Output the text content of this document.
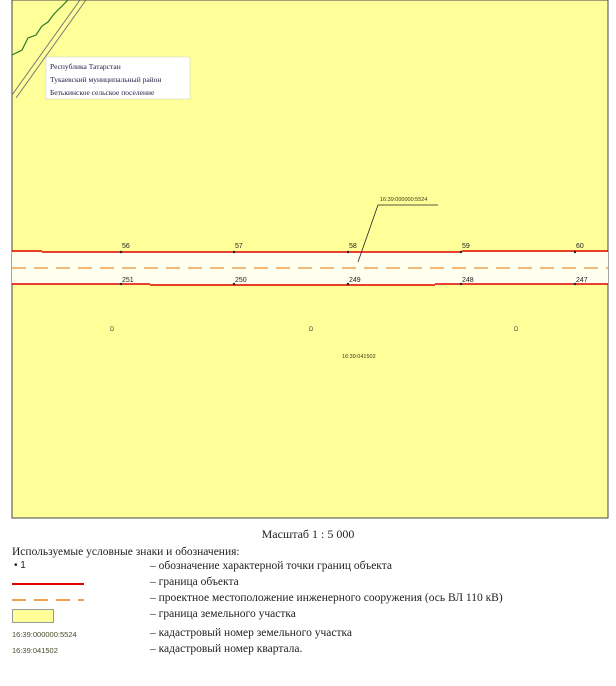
Республика Татарстан
Тукаевский муниципальный район
Бетькинское сельское поселение
16:39:000000:5524
56	57	58	59	60
251	250	249	248	247
D	D	D
16:39:041502
Масштаб 1 : 5 000
Используемые условные знаки и обозначения:
• 1	– обозначение характерной точки границ объекта
– граница объекта
– проектное местоположение инженерного сооружения (ось ВЛ 110 кВ)
– граница земельного участка
16:39:000000:5524	– кадастровый номер земельного участка
16:39:041502	– кадастровый номер квартала.
